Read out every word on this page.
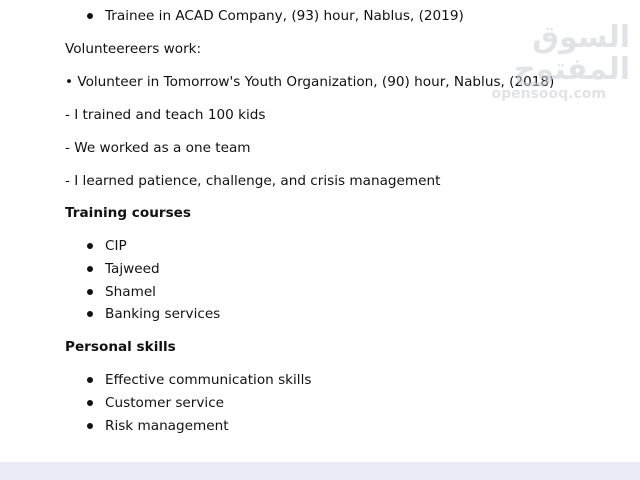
Trainee in ACAD Company, (93) hour, Nablus, (2019)
Volunteereers work:
• Volunteer in Tomorrow's Youth Organization, (90) hour, Nablus, (2018)
- I trained and teach 100 kids
- We worked as a one team
- I learned patience, challenge, and crisis management
Training courses
CIP
Tajweed
Shamel
Banking services
Personal skills
Effective communication skills
Customer service
Risk management
السوق المفتوح
opensooq.com
